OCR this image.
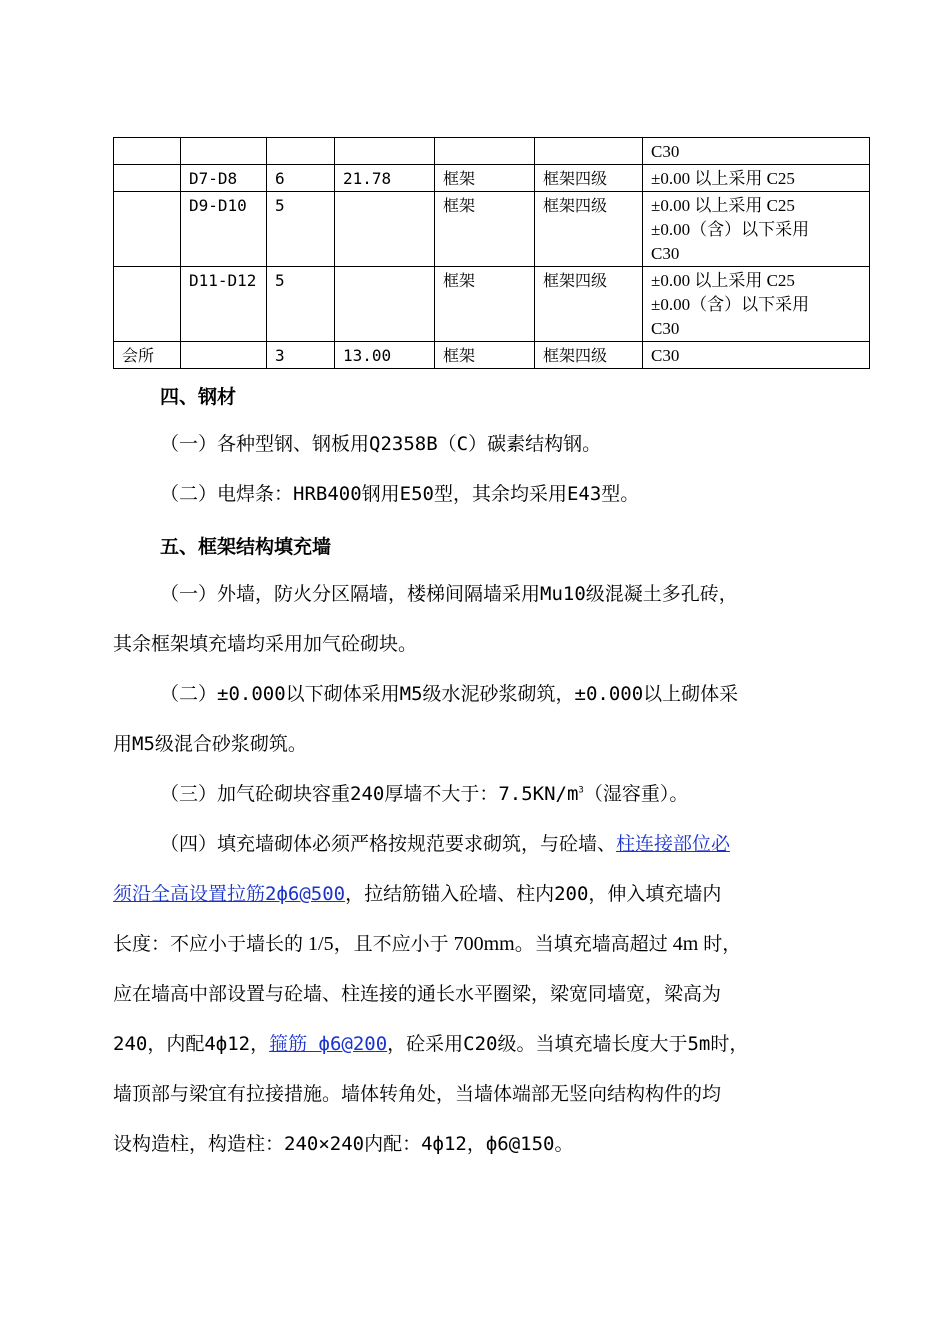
						C30

	D7-D8	6	21.78	框架	框架四级	±0.00 以上采用 C25

	D9-D10	5		框架	框架四级	±0.00 以上采用 C25
±0.00（含）以下采用
C30

	D11-D12	5		框架	框架四级	±0.00 以上采用 C25
±0.00（含）以下采用
C30

会所		3	13.00	框架	框架四级	C30
四、钢材
（一）各种型钢、钢板用Q2358B（C）碳素结构钢。
（二）电焊条：HRB400钢用E50型，其余均采用E43型。
五、框架结构填充墙
（一）外墙，防火分区隔墙，楼梯间隔墙采用Mu10级混凝土多孔砖，
其余框架填充墙均采用加气砼砌块。
（二）±0.000以下砌体采用M5级水泥砂浆砌筑，±0.000以上砌体采
用M5级混合砂浆砌筑。
（三）加气砼砌块容重240厚墙不大于：$7.5KN/m^3$（湿容重）。
（四）填充墙砌体必须严格按规范要求砌筑，与砼墙、柱连接部位必
须沿全高设置拉筋2ф6@500，拉结筋锚入砼墙、柱内200，伸入填充墙内
长度：不应小于墙长的 1/5，且不应小于 700mm。当填充墙高超过 4m 时，
应在墙高中部设置与砼墙、柱连接的通长水平圈梁，梁宽同墙宽，梁高为
240，内配4ф12，箍筋 ф6@200，砼采用C20级。当填充墙长度大于5m时，
墙顶部与梁宜有拉接措施。墙体转角处，当墙体端部无竖向结构构件的均
设构造柱，构造柱：240×240内配：4ф12，ф6@150。
